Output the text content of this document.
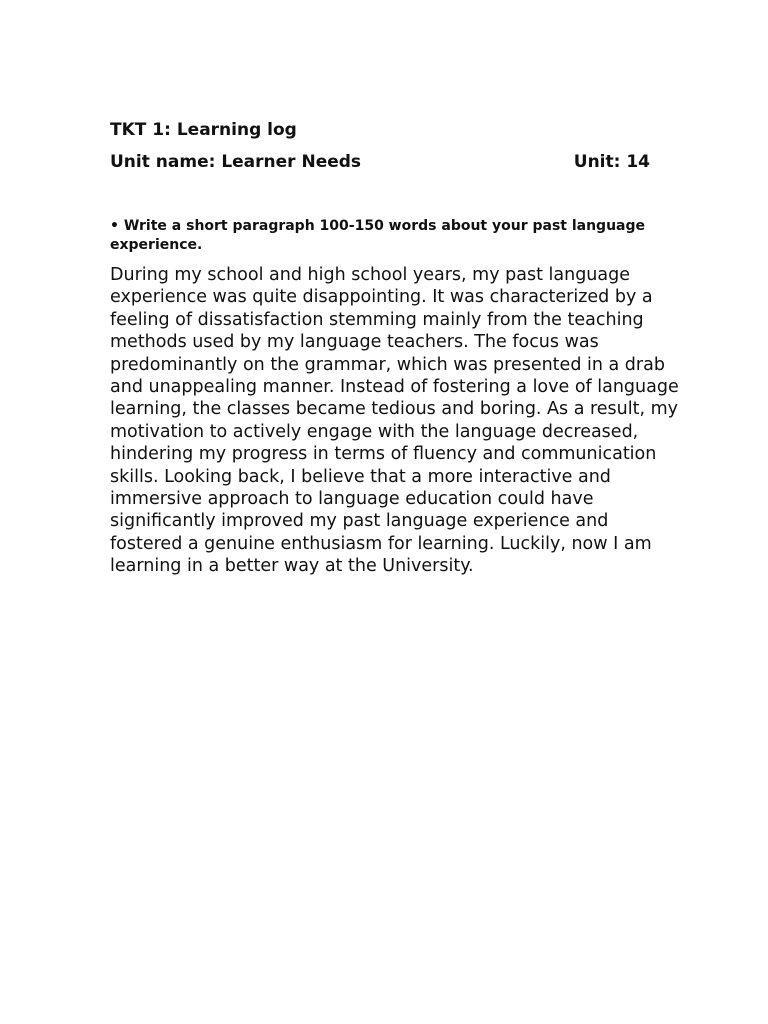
TKT 1: Learning log
Unit name: Learner Needs	Unit: 14
• Write a short paragraph 100-150 words about your past language experience.
During my school and high school years, my past language experience was quite disappointing. It was characterized by a feeling of dissatisfaction stemming mainly from the teaching methods used by my language teachers. The focus was predominantly on the grammar, which was presented in a drab and unappealing manner. Instead of fostering a love of language learning, the classes became tedious and boring. As a result, my motivation to actively engage with the language decreased, hindering my progress in terms of fluency and communication skills. Looking back, I believe that a more interactive and immersive approach to language education could have significantly improved my past language experience and fostered a genuine enthusiasm for learning. Luckily, now I am learning in a better way at the University.
